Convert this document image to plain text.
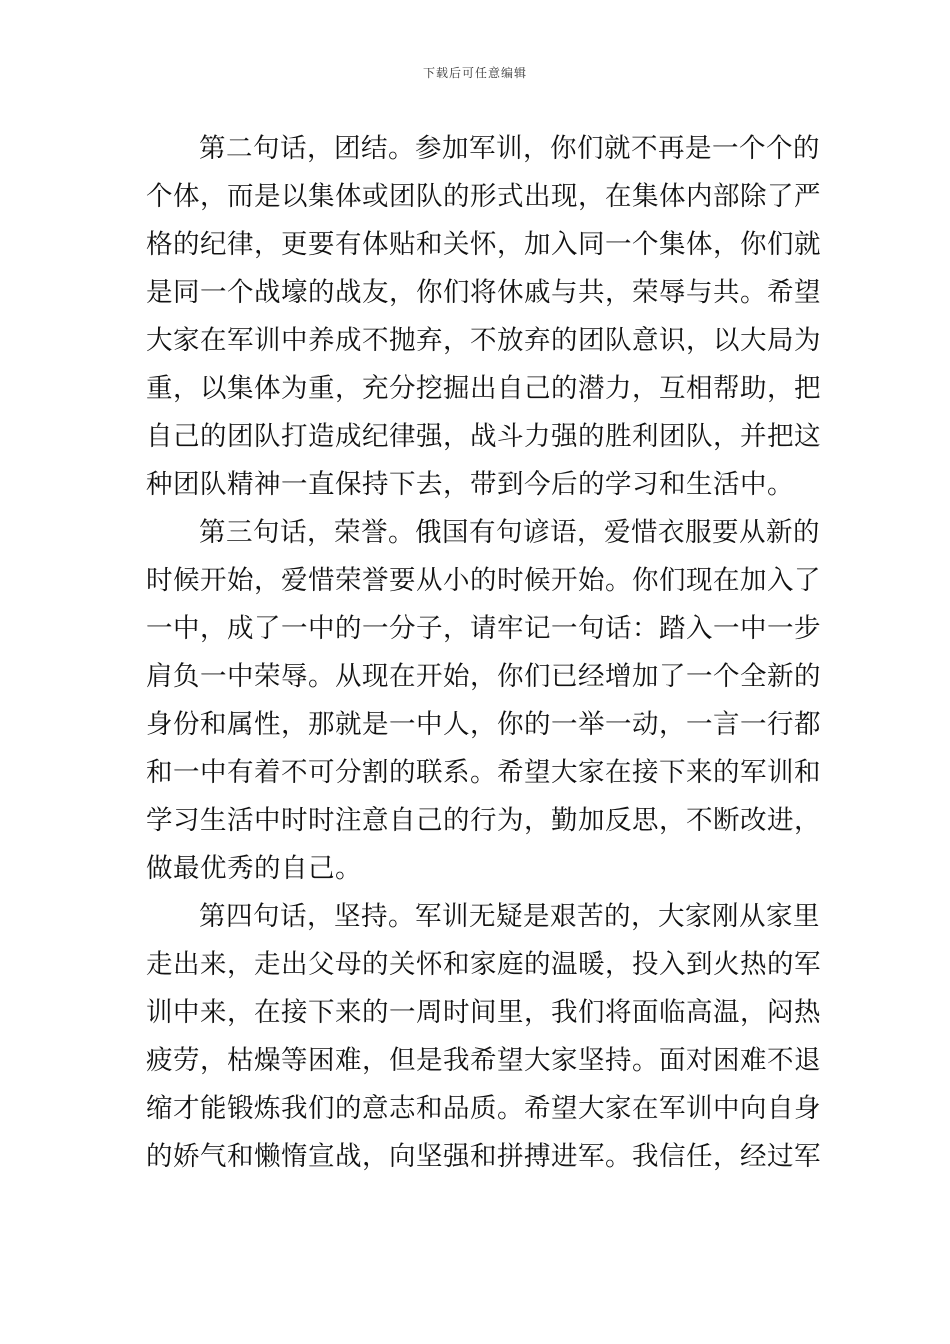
下载后可任意编辑
第二句话，团结。参加军训，你们就不再是一个个的
个体，而是以集体或团队的形式出现，在集体内部除了严
格的纪律，更要有体贴和关怀，加入同一个集体，你们就
是同一个战壕的战友，你们将休戚与共，荣辱与共。希望
大家在军训中养成不抛弃，不放弃的团队意识，以大局为
重，以集体为重，充分挖掘出自己的潜力，互相帮助，把
自己的团队打造成纪律强，战斗力强的胜利团队，并把这
种团队精神一直保持下去，带到今后的学习和生活中。
第三句话，荣誉。俄国有句谚语，爱惜衣服要从新的
时候开始，爱惜荣誉要从小的时候开始。你们现在加入了
一中，成了一中的一分子，请牢记一句话：踏入一中一步
肩负一中荣辱。从现在开始，你们已经增加了一个全新的
身份和属性，那就是一中人，你的一举一动，一言一行都
和一中有着不可分割的联系。希望大家在接下来的军训和
学习生活中时时注意自己的行为，勤加反思，不断改进，
做最优秀的自己。
第四句话，坚持。军训无疑是艰苦的，大家刚从家里
走出来，走出父母的关怀和家庭的温暖，投入到火热的军
训中来，在接下来的一周时间里，我们将面临高温，闷热
疲劳，枯燥等困难，但是我希望大家坚持。面对困难不退
缩才能锻炼我们的意志和品质。希望大家在军训中向自身
的娇气和懒惰宣战，向坚强和拼搏进军。我信任，经过军
